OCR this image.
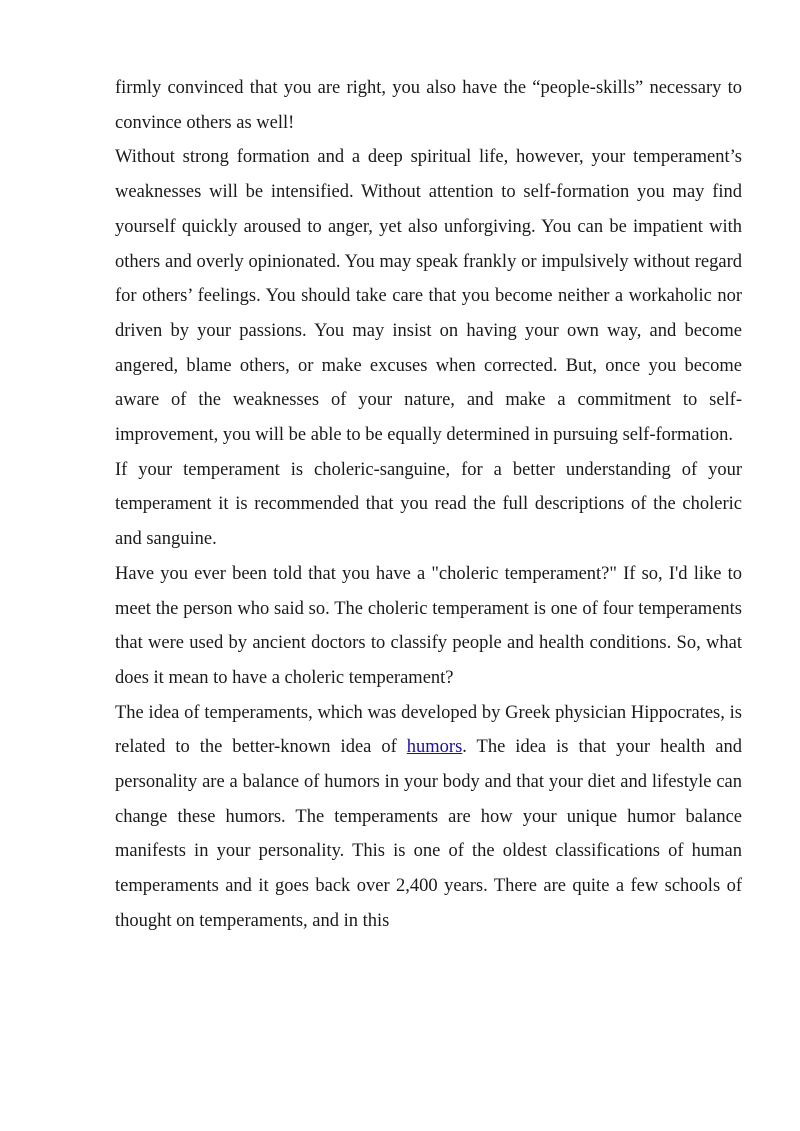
firmly convinced that you are right, you also have the “people-skills” necessary to convince others as well!

Without strong formation and a deep spiritual life, however, your temperament’s weaknesses will be intensified. Without attention to self-formation you may find yourself quickly aroused to anger, yet also unforgiving. You can be impatient with others and overly opinionated. You may speak frankly or impulsively without regard for others’ feelings. You should take care that you become neither a workaholic nor driven by your passions. You may insist on having your own way, and become angered, blame others, or make excuses when corrected. But, once you become aware of the weaknesses of your nature, and make a commitment to self-improvement, you will be able to be equally determined in pursuing self-formation.

If your temperament is choleric-sanguine, for a better understanding of your temperament it is recommended that you read the full descriptions of the choleric and sanguine.

Have you ever been told that you have a "choleric temperament?" If so, I'd like to meet the person who said so. The choleric temperament is one of four temperaments that were used by ancient doctors to classify people and health conditions. So, what does it mean to have a choleric temperament?

The idea of temperaments, which was developed by Greek physician Hippocrates, is related to the better-known idea of humors. The idea is that your health and personality are a balance of humors in your body and that your diet and lifestyle can change these humors. The temperaments are how your unique humor balance manifests in your personality. This is one of the oldest classifications of human temperaments and it goes back over 2,400 years. There are quite a few schools of thought on temperaments, and in this
